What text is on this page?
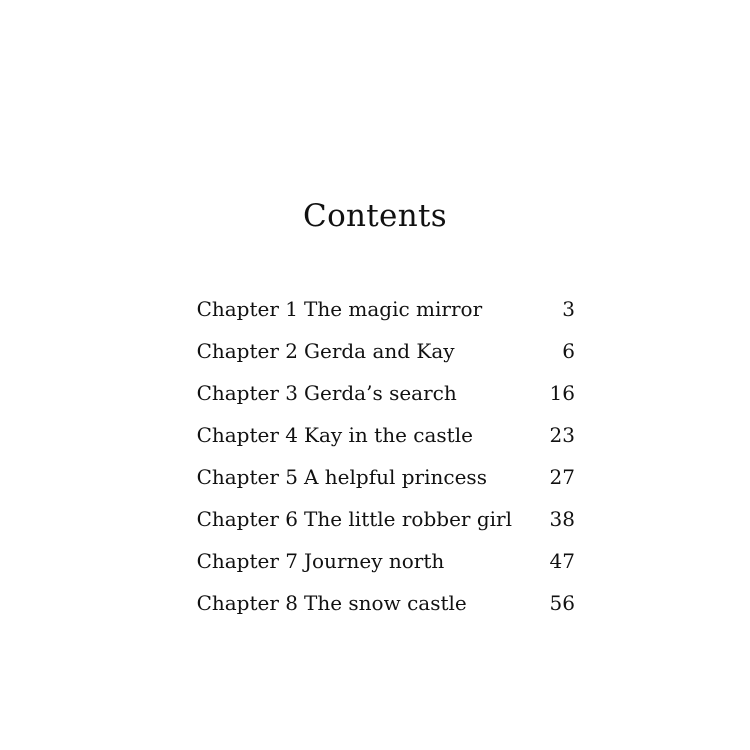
Contents
Chapter 1 The magic mirror	3
Chapter 2 Gerda and Kay	6
Chapter 3 Gerda’s search	16
Chapter 4 Kay in the castle	23
Chapter 5 A helpful princess	27
Chapter 6 The little robber girl	38
Chapter 7 Journey north	47
Chapter 8 The snow castle	56
